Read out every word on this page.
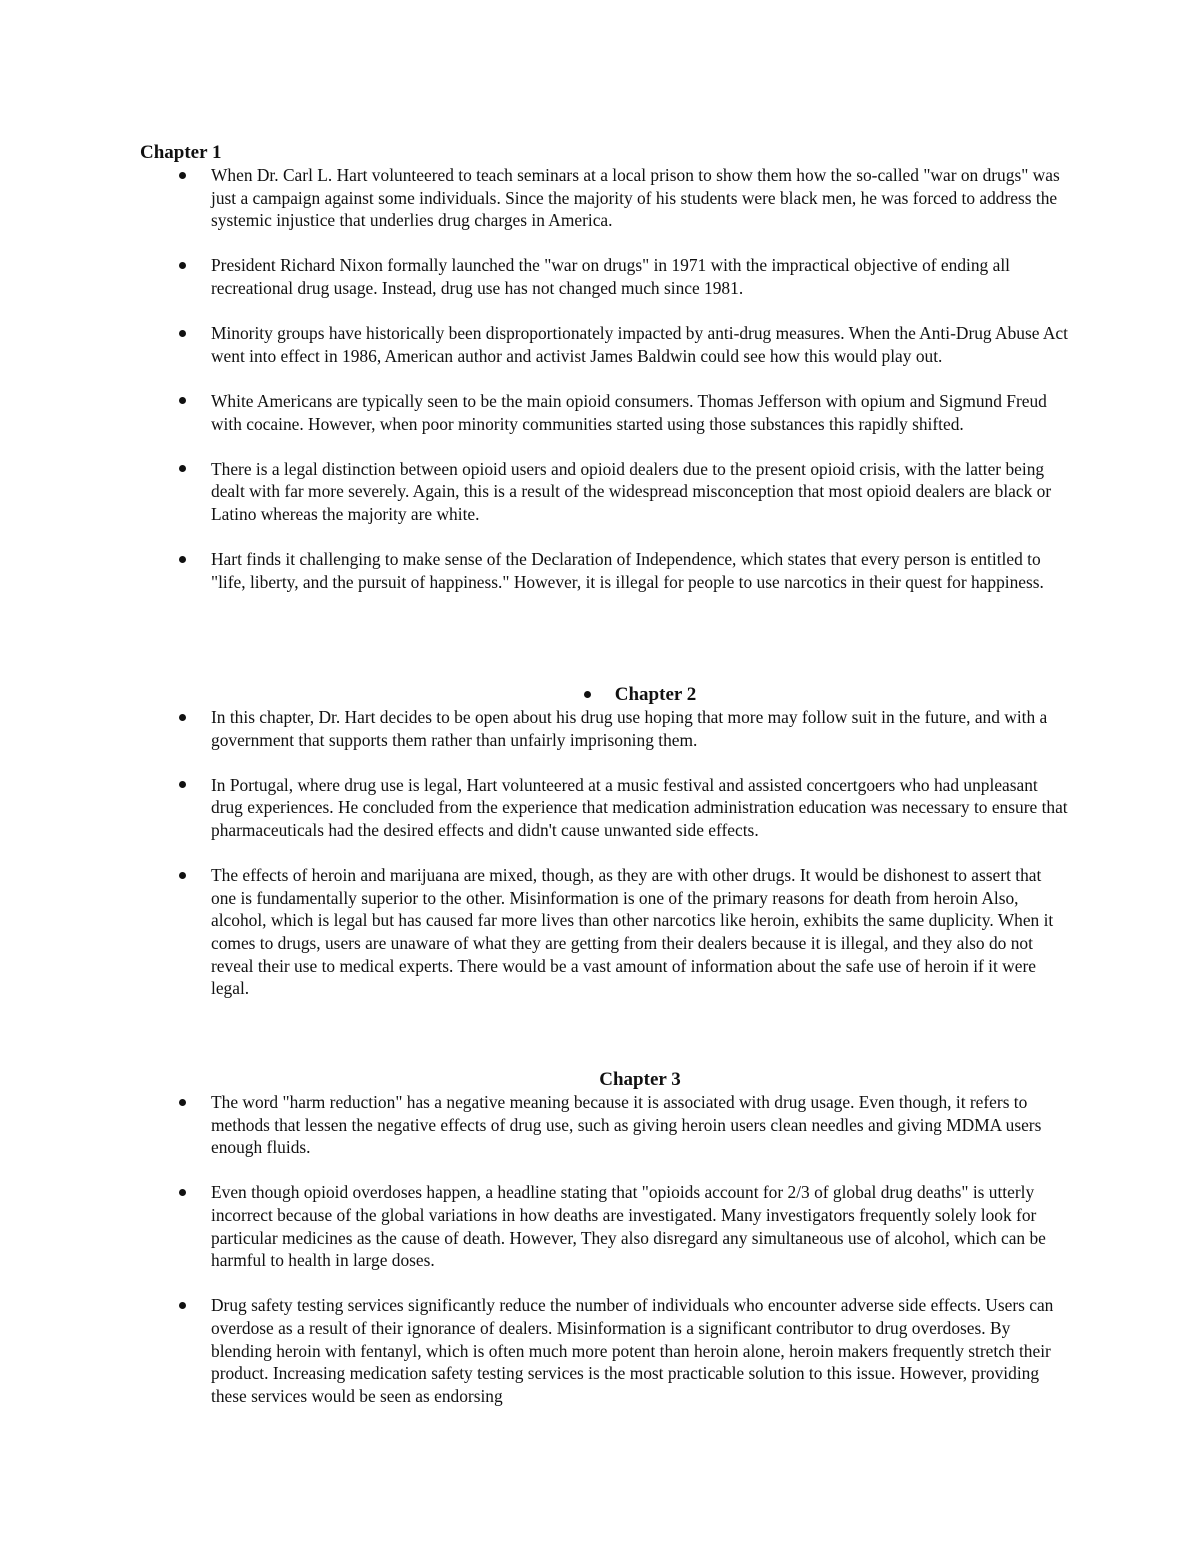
Chapter 1
When Dr. Carl L. Hart volunteered to teach seminars at a local prison to show them how the so-called "war on drugs" was just a campaign against some individuals. Since the majority of his students were black men, he was forced to address the systemic injustice that underlies drug charges in America.
President Richard Nixon formally launched the "war on drugs" in 1971 with the impractical objective of ending all recreational drug usage. Instead, drug use has not changed much since 1981.
Minority groups have historically been disproportionately impacted by anti-drug measures. When the Anti-Drug Abuse Act went into effect in 1986, American author and activist James Baldwin could see how this would play out.
White Americans are typically seen to be the main opioid consumers. Thomas Jefferson with opium and Sigmund Freud with cocaine. However, when poor minority communities started using those substances this rapidly shifted.
There is a legal distinction between opioid users and opioid dealers due to the present opioid crisis, with the latter being dealt with far more severely. Again, this is a result of the widespread misconception that most opioid dealers are black or Latino whereas the majority are white.
Hart finds it challenging to make sense of the Declaration of Independence, which states that every person is entitled to "life, liberty, and the pursuit of happiness." However, it is illegal for people to use narcotics in their quest for happiness.
Chapter 2
In this chapter, Dr. Hart decides to be open about his drug use hoping that more may follow suit in the future, and with a government that supports them rather than unfairly imprisoning them.
In Portugal, where drug use is legal, Hart volunteered at a music festival and assisted concertgoers who had unpleasant drug experiences. He concluded from the experience that medication administration education was necessary to ensure that pharmaceuticals had the desired effects and didn't cause unwanted side effects.
The effects of heroin and marijuana are mixed, though, as they are with other drugs. It would be dishonest to assert that one is fundamentally superior to the other. Misinformation is one of the primary reasons for death from heroin Also, alcohol, which is legal but has caused far more lives than other narcotics like heroin, exhibits the same duplicity. When it comes to drugs, users are unaware of what they are getting from their dealers because it is illegal, and they also do not reveal their use to medical experts. There would be a vast amount of information about the safe use of heroin if it were legal.
Chapter 3
The word "harm reduction" has a negative meaning because it is associated with drug usage. Even though, it refers to methods that lessen the negative effects of drug use, such as giving heroin users clean needles and giving MDMA users enough fluids.
Even though opioid overdoses happen, a headline stating that "opioids account for 2/3 of global drug deaths" is utterly incorrect because of the global variations in how deaths are investigated. Many investigators frequently solely look for particular medicines as the cause of death. However, They also disregard any simultaneous use of alcohol, which can be harmful to health in large doses.
Drug safety testing services significantly reduce the number of individuals who encounter adverse side effects. Users can overdose as a result of their ignorance of dealers. Misinformation is a significant contributor to drug overdoses. By blending heroin with fentanyl, which is often much more potent than heroin alone, heroin makers frequently stretch their product. Increasing medication safety testing services is the most practicable solution to this issue. However, providing these services would be seen as endorsing
